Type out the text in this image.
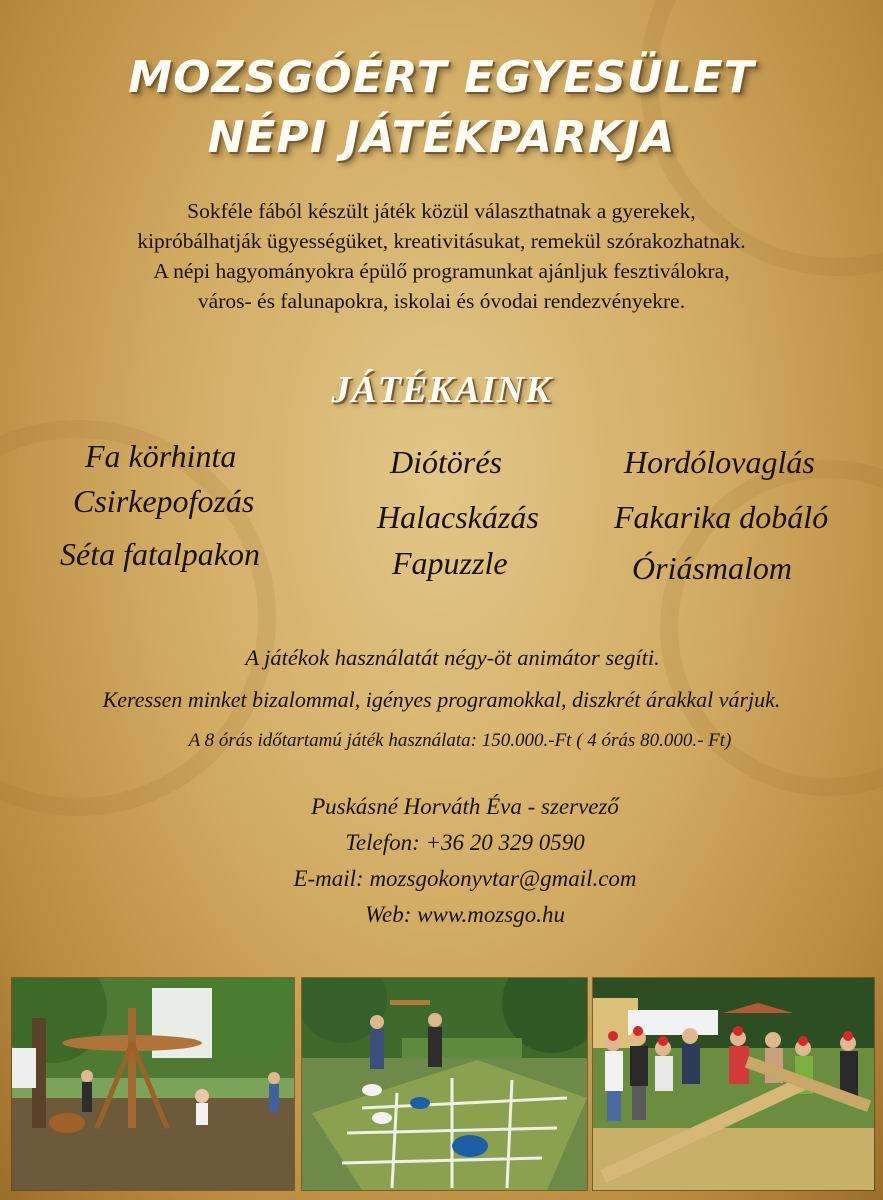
MOZSGÓÉRT EGYESÜLET
NÉPI JÁTÉKPARKJA
Sokféle fából készült játék közül választhatnak a gyerekek,
kipróbálhatják ügyességüket, kreativitásukat, remekül szórakozhatnak.
A népi hagyományokra épülő programunkat ajánljuk fesztiválokra,
város- és falunapokra, iskolai és óvodai rendezvényekre.
JÁTÉKAINK
Fa körhinta
Csirkepofozás
Séta fatalpakon
Diótörés
Halacskázás
Fapuzzle
Hordólovaglás
Fakarika dobáló
Óriásmalom
A játékok használatát négy-öt animátor segíti.
Keressen minket bizalommal, igényes programokkal, diszkrét árakkal várjuk.
A 8 órás időtartamú játék használata: 150.000.-Ft ( 4 órás 80.000.- Ft)
Puskásné Horváth Éva - szervező
Telefon: +36 20 329 0590
E-mail: mozsgokonyvtar@gmail.com
Web: www.mozsgo.hu
